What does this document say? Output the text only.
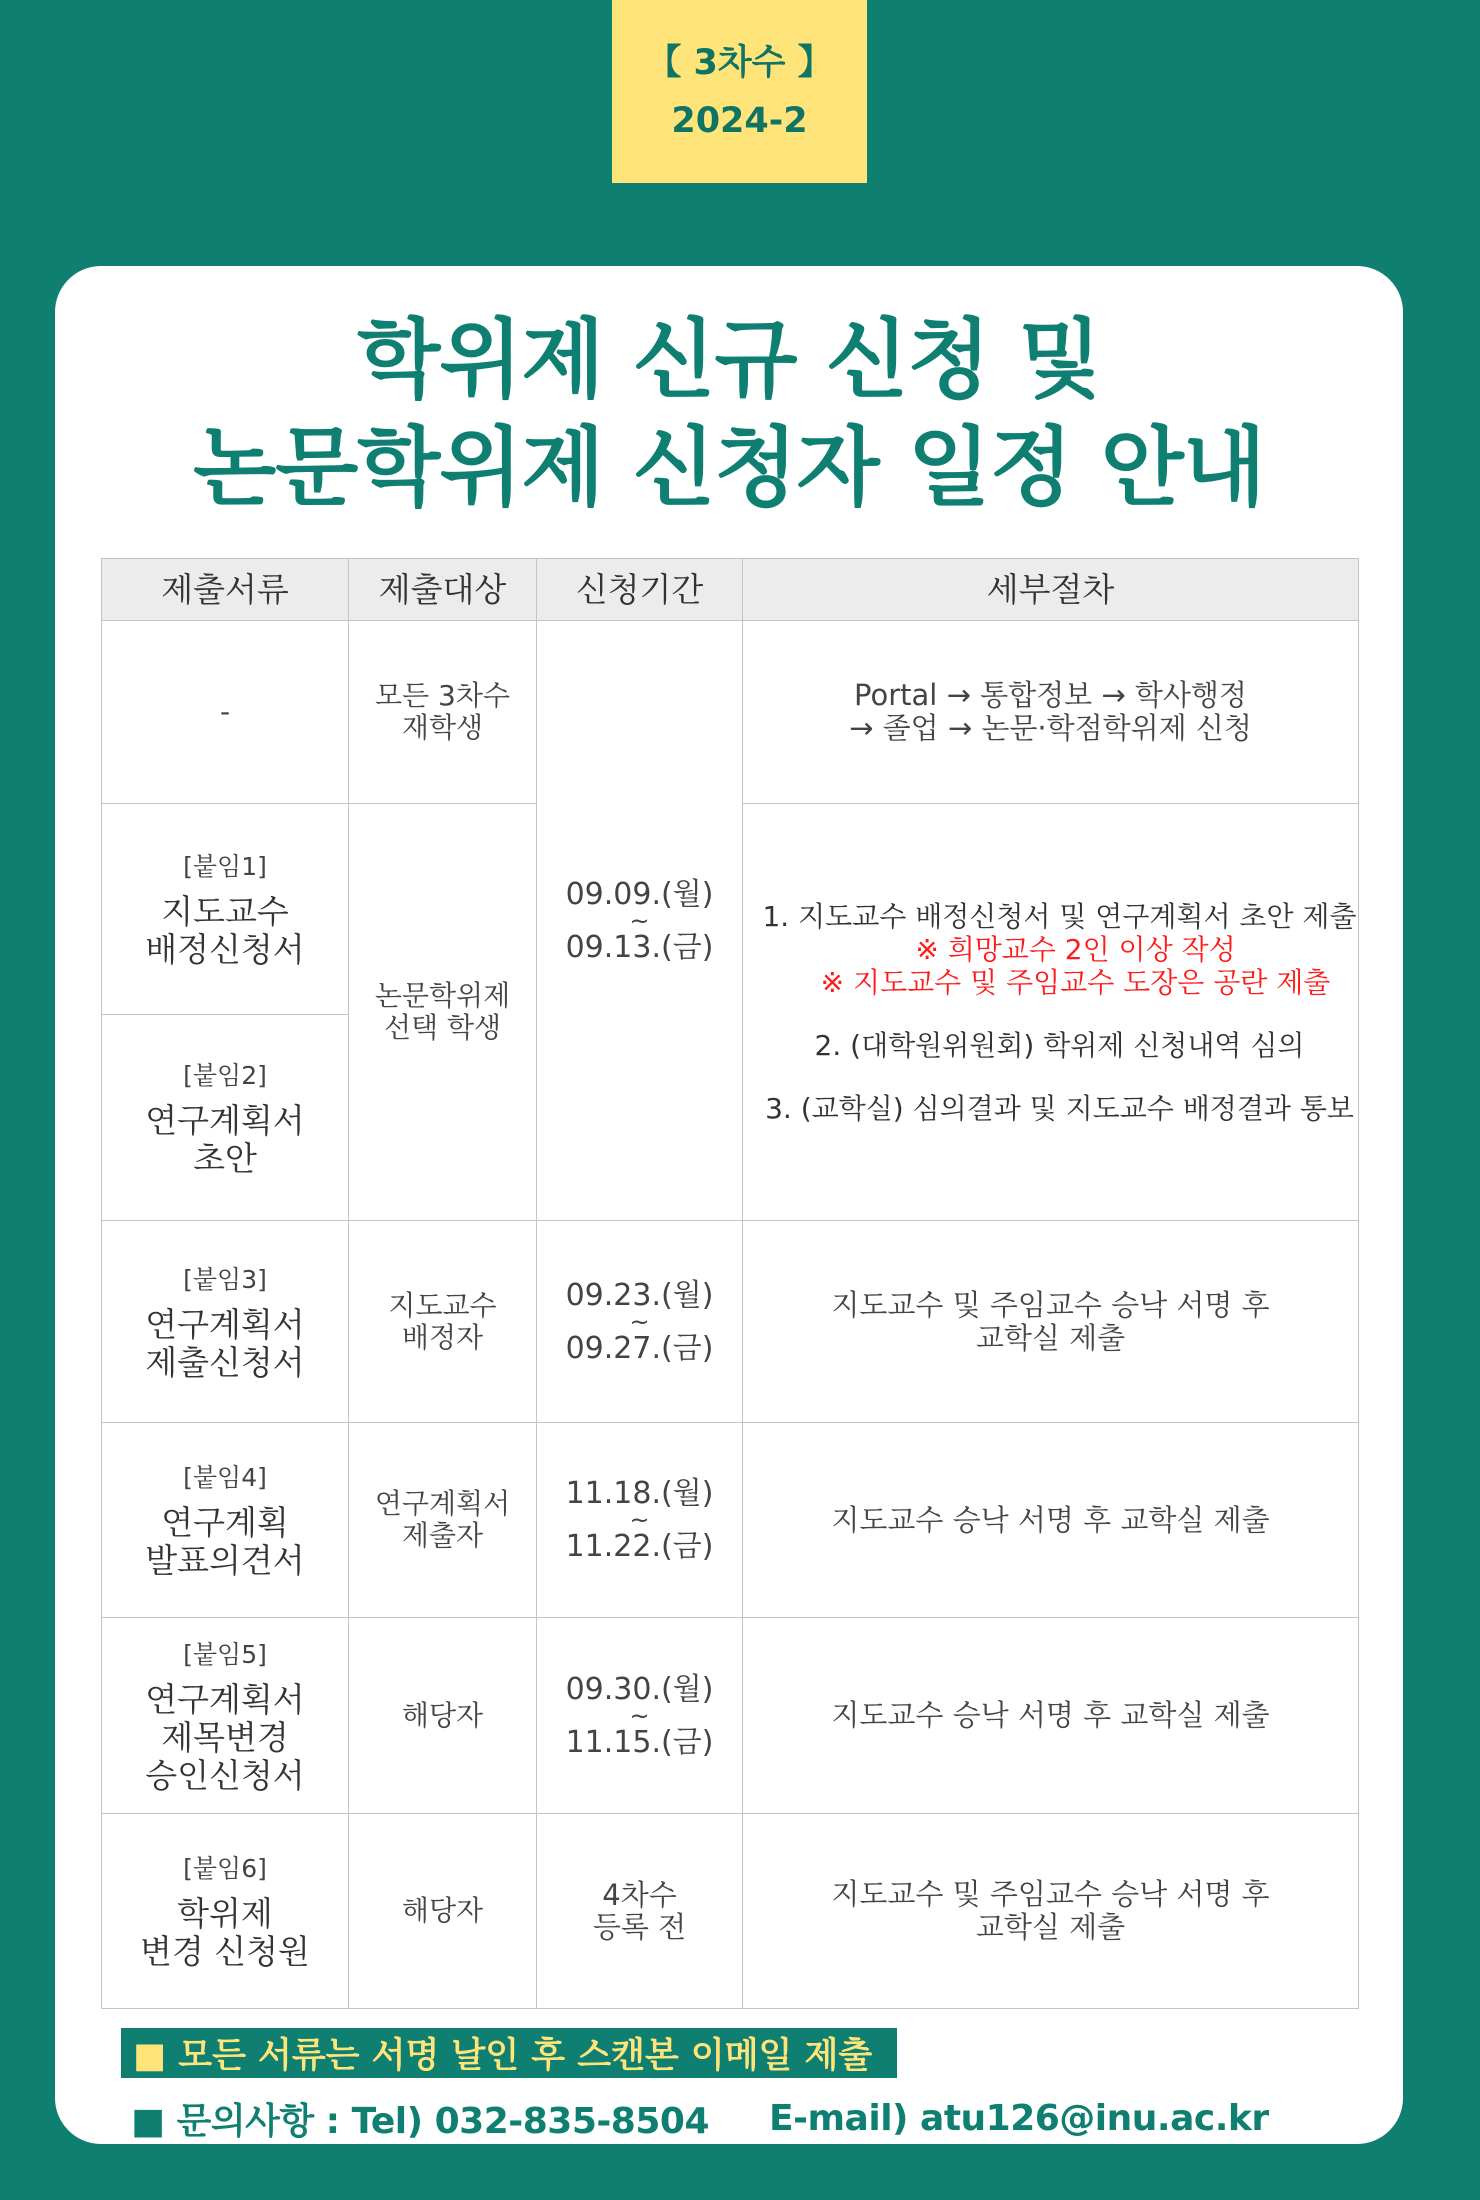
【 3차수 】
2024-2
학위제 신규 신청 및
논문학위제 신청자 일정 안내
제출서류	제출대상	신청기간	세부절차

-	모든 3차수
재학생	09.09.(월)
~
09.13.(금)	Portal → 통합정보 → 학사행정
→ 졸업 → 논문·학점학위제 신청

[붙임1]
지도교수
배정신청서	논문학위제
선택 학생		1. 지도교수 배정신청서 및 연구계획서 초안 제출
※ 희망교수 2인 이상 작성
※ 지도교수 및 주임교수 도장은 공란 제출
2. (대학원위원회) 학위제 신청내역 심의
3. (교학실) 심의결과 및 지도교수 배정결과 통보

[붙임2]
연구계획서
초안			

[붙임3]
연구계획서
제출신청서	지도교수
배정자	09.23.(월)
~
09.27.(금)	지도교수 및 주임교수 승낙 서명 후
교학실 제출

[붙임4]
연구계획
발표의견서	연구계획서
제출자	11.18.(월)
~
11.22.(금)	지도교수 승낙 서명 후 교학실 제출

[붙임5]
연구계획서
제목변경
승인신청서	해당자	09.30.(월)
~
11.15.(금)	지도교수 승낙 서명 후 교학실 제출

[붙임6]
학위제
변경 신청원	해당자	4차수
등록 전	지도교수 및 주임교수 승낙 서명 후
교학실 제출
■ 모든 서류는 서명 날인 후 스캔본 이메일 제출
■ 문의사항 : Tel) 032-835-8504 E-mail) atu126@inu.ac.kr
